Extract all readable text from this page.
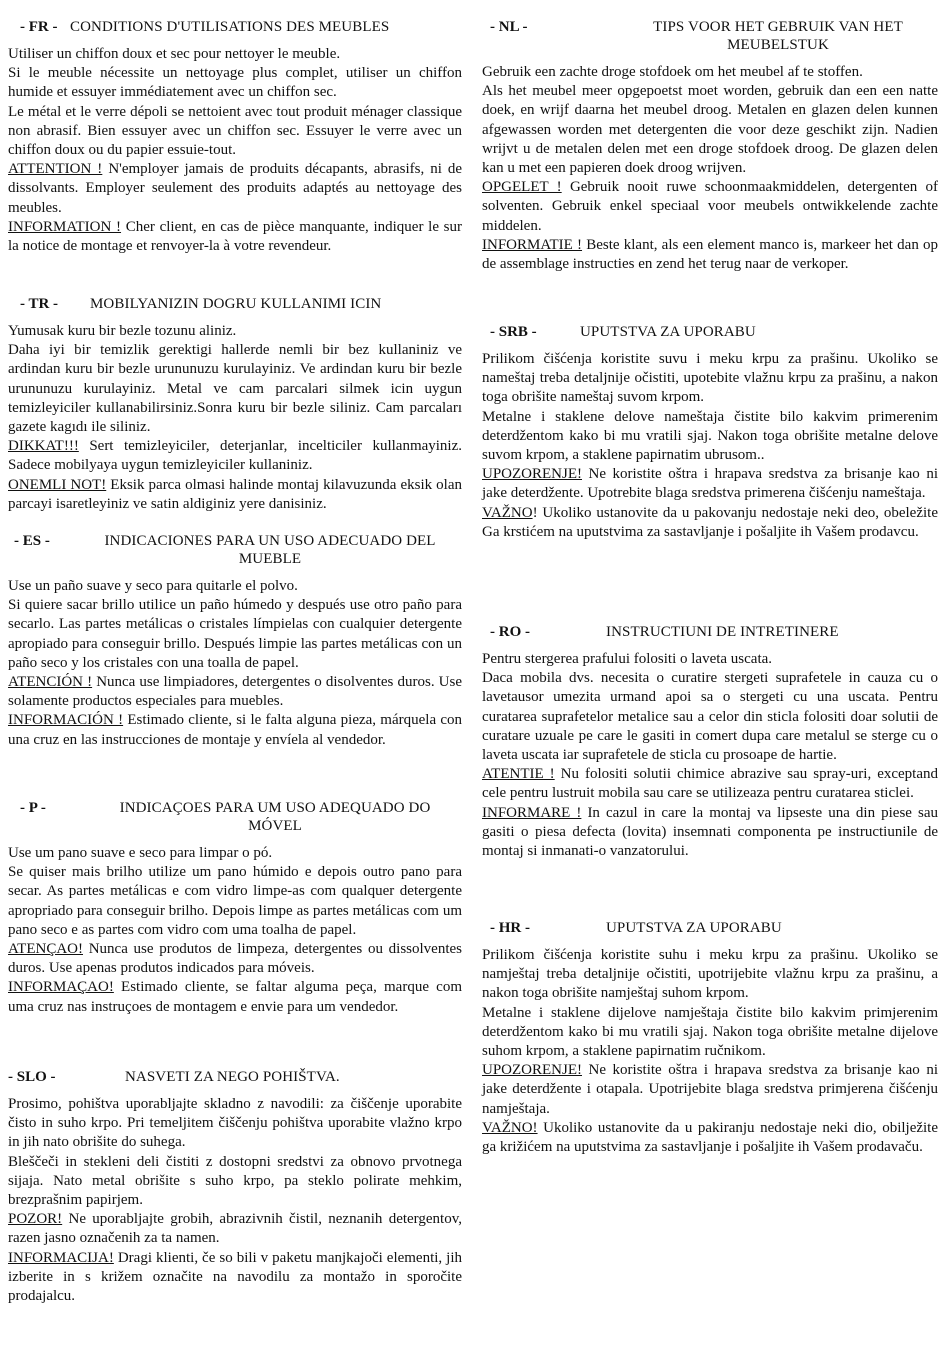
- FR - CONDITIONS D'UTILISATIONS DES MEUBLES

Utiliser un chiffon doux et sec pour nettoyer le meuble.

Si le meuble nécessite un nettoyage plus complet, utiliser un chiffon humide et essuyer immédiatement avec un chiffon sec.

Le métal et le verre dépoli se nettoient avec tout produit ménager classique non abrasif. Bien essuyer avec un chiffon sec. Essuyer le verre avec un chiffon doux ou du papier essuie-tout.

ATTENTION ! N'employer jamais de produits décapants, abrasifs, ni de dissolvants. Employer seulement des produits adaptés au nettoyage des meubles.

INFORMATION ! Cher client, en cas de pièce manquante, indiquer le sur la notice de montage et renvoyer-la à votre revendeur.

- TR -	MOBILYANIZIN DOGRU KULLANIMI ICIN

Yumusak kuru bir bezle tozunu aliniz.

Daha iyi bir temizlik gerektigi hallerde nemli bir bez kullaniniz ve ardindan kuru bir bezle urununuzu kurulayiniz. Ve ardindan kuru bir bezle urununuzu kurulayiniz. Metal ve cam parcalari silmek icin uygun temizleyiciler kullanabilirsiniz.Sonra kuru bir bezle siliniz. Cam parcaları gazete kagıdı ile siliniz.

DIKKAT!!! Sert temizleyiciler, deterjanlar, incelticiler kullanmayiniz. Sadece mobilyaya uygun temizleyiciler kullaniniz.

ONEMLI NOT! Eksik parca olmasi halinde montaj kilavuzunda eksik olan parcayi isaretleyiniz ve satin aldiginiz yere danisiniz.

- ES -	INDICACIONES PARA UN USO ADECUADO DEL MUEBLE

Use un paño suave y seco para quitarle el polvo.

Si quiere sacar brillo utilice un paño húmedo y después use otro paño para secarlo. Las partes metálicas o cristales límpielas con cualquier detergente apropiado para conseguir brillo. Después limpie las partes metálicas con un paño seco y los cristales con una toalla de papel.

ATENCIÓN ! Nunca use limpiadores, detergentes o disolventes duros. Use solamente productos especiales para muebles.

INFORMACIÓN ! Estimado cliente, si le falta alguna pieza, márquela con una cruz en las instrucciones de montaje y envíela al vendedor.

- P -	INDICAÇOES PARA UM USO ADEQUADO DO MÓVEL

Use um pano suave e seco para limpar o pó.

Se quiser mais brilho utilize um pano húmido e depois outro pano para secar. As partes metálicas e com vidro limpe-as com qualquer detergente apropriado para conseguir brilho. Depois limpe as partes metálicas com um pano seco e as partes com vidro com uma toalha de papel.

ATENÇAO! Nunca use produtos de limpeza, detergentes ou dissolventes duros. Use apenas produtos indicados para móveis.

INFORMAÇAO! Estimado cliente, se faltar alguma peça, marque com uma cruz nas instruçoes de montagem e envie para um vendedor.

- SLO -	NASVETI ZA NEGO POHIŠTVA.

Prosimo, pohištva uporabljajte skladno z navodili: za čiščenje uporabite čisto in suho krpo. Pri temeljitem čiščenju pohištva uporabite vlažno krpo in jih nato obrišite do suhega.

Bleščeči in stekleni deli čistiti z dostopni sredstvi za obnovo prvotnega sijaja. Nato metal obrišite s suho krpo, pa steklo polirate mehkim, brezprašnim papirjem.

POZOR! Ne uporabljajte grobih, abrazivnih čistil, neznanih detergentov, razen jasno označenih za ta namen.

INFORMACIJA! Dragi klienti, če so bili v paketu manjkajoči elementi, jih izberite in s križem označite na navodilu za montažo in sporočite prodajalcu.

- NL -	TIPS VOOR HET GEBRUIK VAN HET MEUBELSTUK

Gebruik een zachte droge stofdoek om het meubel af te stoffen.

Als het meubel meer opgepoetst moet worden, gebruik dan een een natte doek, en wrijf daarna het meubel droog. Metalen en glazen delen kunnen afgewassen worden met detergenten die voor deze geschikt zijn. Nadien wrijvt u de metalen delen met een droge stofdoek droog. De glazen delen kan u met een papieren doek droog wrijven.

OPGELET ! Gebruik nooit ruwe schoonmaakmiddelen, detergenten of solventen. Gebruik enkel speciaal voor meubels ontwikkelende zachte middelen.

INFORMATIE ! Beste klant, als een element manco is, markeer het dan op de assemblage instructies en zend het terug naar de verkoper.

- SRB -	UPUTSTVA ZA UPORABU

Prilikom čišćenja koristite suvu i meku krpu za prašinu. Ukoliko se nameštaj treba detaljnije očistiti, upotebite vlažnu krpu za prašinu, a nakon toga obrišite nameštaj suvom krpom.

Metalne i staklene delove nameštaja čistite bilo kakvim primerenim deterdžentom kako bi mu vratili sjaj. Nakon toga obrišite metalne delove suvom krpom, a staklene papirnatim ubrusom..

UPOZORENJE! Ne koristite oštra i hrapava sredstva za brisanje kao ni jake deterdžente. Upotrebite blaga sredstva primerena čišćenju nameštaja.

VAŽNO! Ukoliko ustanovite da u pakovanju nedostaje neki deo, obeležite Ga krstićem na uputstvima za sastavljanje i pošaljite ih Vašem prodavcu.

- RO -	INSTRUCTIUNI DE INTRETINERE

Pentru stergerea prafului folositi o laveta uscata.

Daca mobila dvs. necesita o curatire stergeti suprafetele in cauza cu o lavetausor umezita urmand apoi sa o stergeti cu una uscata. Pentru curatarea suprafetelor metalice sau a celor din sticla folositi doar solutii de curatare uzuale pe care le gasiti in comert dupa care metalul se sterge cu o laveta uscata iar suprafetele de sticla cu prosoape de hartie.

ATENTIE ! Nu folositi solutii chimice abrazive sau spray-uri, exceptand cele pentru lustruit mobila sau care se utilizeaza pentru curatarea sticlei.

INFORMARE ! In cazul in care la montaj va lipseste una din piese sau gasiti o piesa defecta (lovita) insemnati componenta pe instructiunile de montaj si inmanati-o vanzatorului.

- HR -	UPUTSTVA ZA UPORABU

Prilikom čišćenja koristite suhu i meku krpu za prašinu. Ukoliko se namještaj treba detaljnije očistiti, upotrijebite vlažnu krpu za prašinu, a nakon toga obrišite namještaj suhom krpom.

Metalne i staklene dijelove namještaja čistite bilo kakvim primjerenim deterdžentom kako bi mu vratili sjaj. Nakon toga obrišite metalne dijelove suhom krpom, a staklene papirnatim ručnikom.

UPOZORENJE! Ne koristite oštra i hrapava sredstva za brisanje kao ni jake deterdžente i otapala. Upotrijebite blaga sredstva primjerena čišćenju namještaja.

VAŽNO! Ukoliko ustanovite da u pakiranju nedostaje neki dio, obilježite ga križićem na uputstvima za sastavljanje i pošaljite ih Vašem prodavaču.
